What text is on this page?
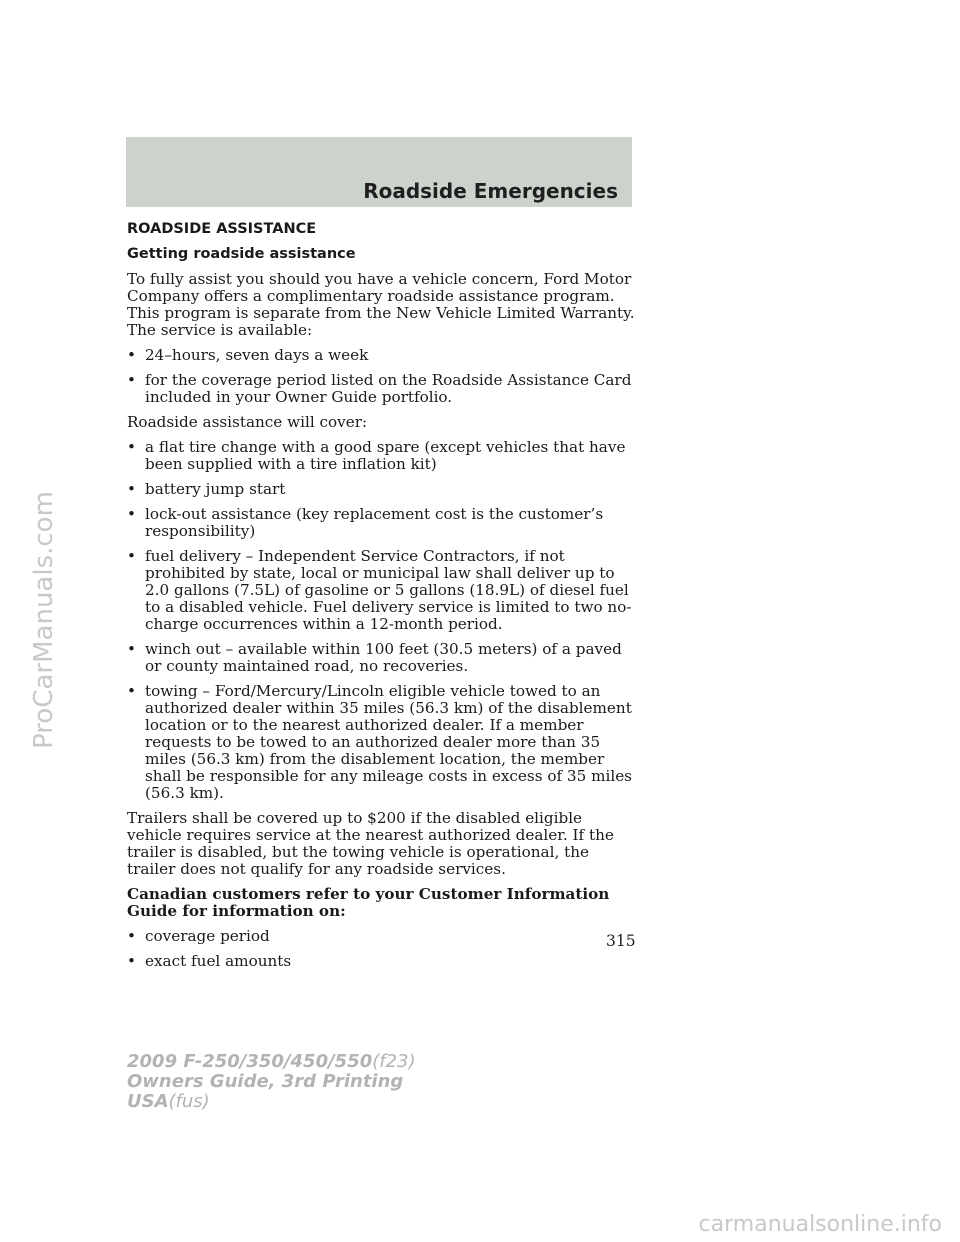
Roadside Emergencies
ROADSIDE ASSISTANCE
Getting roadside assistance

To fully assist you should you have a vehicle concern, Ford Motor Company offers a complimentary roadside assistance program. This program is separate from the New Vehicle Limited Warranty. The service is available:

• 24–hours, seven days a week
• for the coverage period listed on the Roadside Assistance Card included in your Owner Guide portfolio.

Roadside assistance will cover:

• a flat tire change with a good spare (except vehicles that have been supplied with a tire inflation kit)
• battery jump start
• lock-out assistance (key replacement cost is the customer’s responsibility)
• fuel delivery – Independent Service Contractors, if not prohibited by state, local or municipal law shall deliver up to 2.0 gallons (7.5L) of gasoline or 5 gallons (18.9L) of diesel fuel to a disabled vehicle. Fuel delivery service is limited to two no-charge occurrences within a 12-month period.
• winch out – available within 100 feet (30.5 meters) of a paved or county maintained road, no recoveries.
• towing – Ford/Mercury/Lincoln eligible vehicle towed to an authorized dealer within 35 miles (56.3 km) of the disablement location or to the nearest authorized dealer. If a member requests to be towed to an authorized dealer more than 35 miles (56.3 km) from the disablement location, the member shall be responsible for any mileage costs in excess of 35 miles (56.3 km).

Trailers shall be covered up to $200 if the disabled eligible vehicle requires service at the nearest authorized dealer. If the trailer is disabled, but the towing vehicle is operational, the trailer does not qualify for any roadside services.

Canadian customers refer to your Customer Information Guide for information on:

• coverage period
• exact fuel amounts
315
2009 F-250/350/450/550(f23)
Owners Guide, 3rd Printing
USA(fus)
ProCarManuals.com
carmanualsonline.info
